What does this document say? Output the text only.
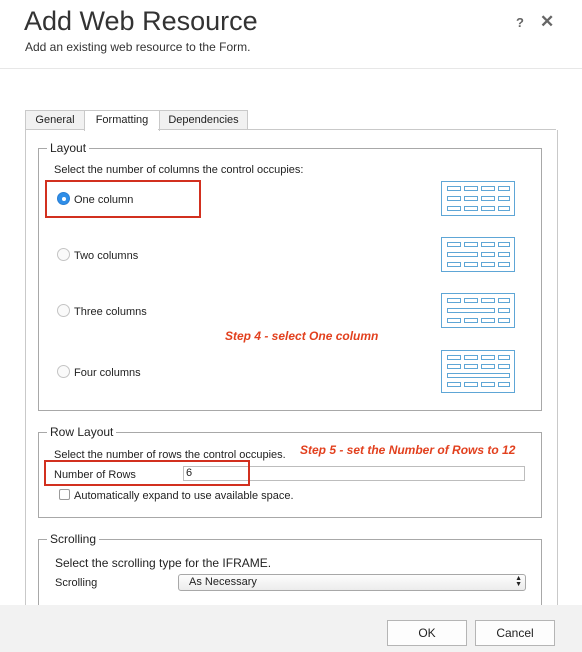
Add Web Resource
Add an existing web resource to the Form.
? ✕
General	Formatting	Dependencies
Layout
Select the number of columns the control occupies:
One column
Two columns
Three columns
Step 4 - select One column
Four columns
Row Layout
Select the number of rows the control occupies. Step 5 - set the Number of Rows to 12
Number of Rows	6
Automatically expand to use available space.
Scrolling
Select the scrolling type for the IFRAME.
Scrolling	As Necessary	▲
▼
OK	Cancel
